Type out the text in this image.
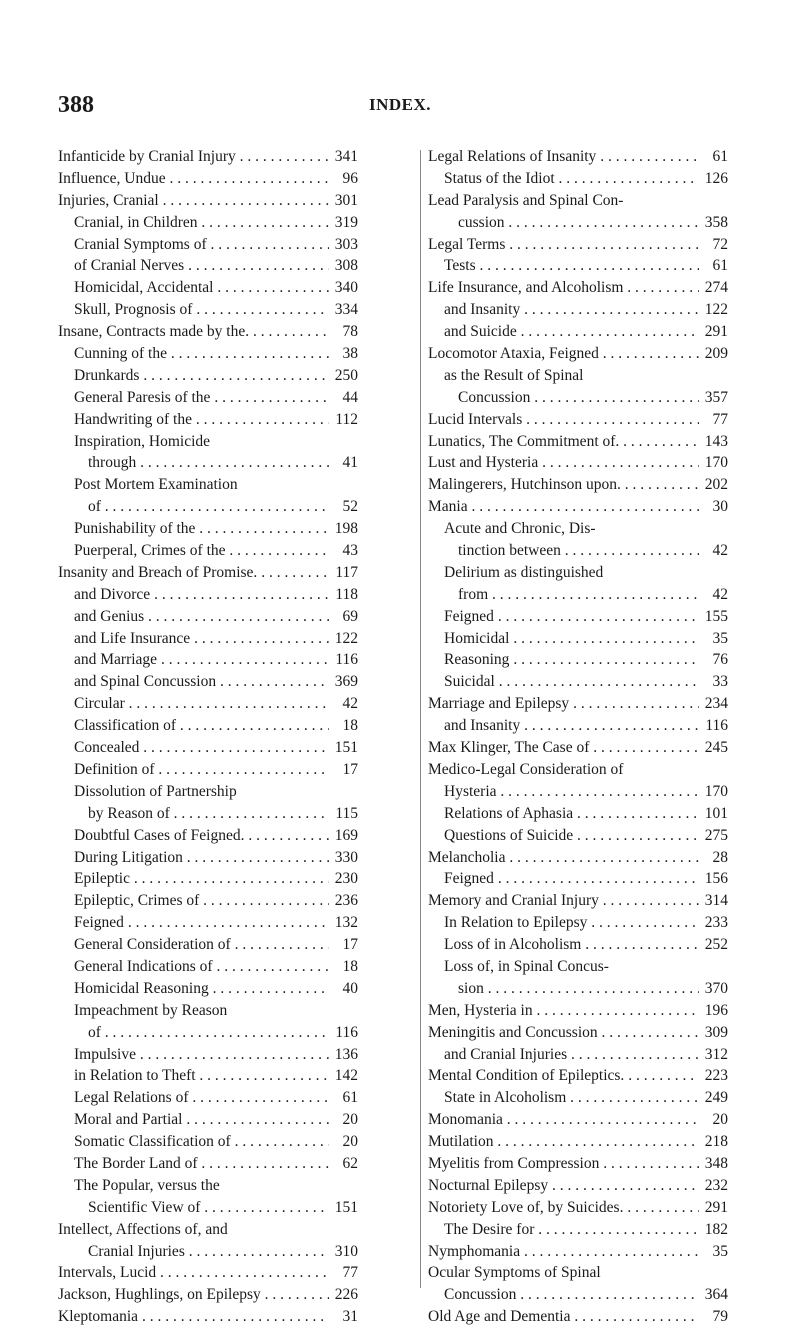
388	INDEX.
Infanticide by Cranial Injury . . .	341
Influence, Undue . . .	96
Injuries, Cranial . . .	301
Cranial, in Children . . .	319
Cranial Symptoms of . . .	303
of Cranial Nerves . . .	308
Homicidal, Accidental . . .	340
Skull, Prognosis of . . .	334
Insane, Contracts made by the. . . .	78
Cunning of the . . .	38
Drunkards . . .	250
General Paresis of the . . .	44
Handwriting of the . . .	112
Inspiration, Homicide
through . . .	41
Post Mortem Examination
of . . .	52
Punishability of the . . .	198
Puerperal, Crimes of the . . .	43
Insanity and Breach of Promise. . . .	117
and Divorce . . .	118
and Genius . . .	69
and Life Insurance . . .	122
and Marriage . . .	116
and Spinal Concussion . . .	369
Circular . . .	42
Classification of . . .	18
Concealed . . .	151
Definition of . . .	17
Dissolution of Partnership
by Reason of . . .	115
Doubtful Cases of Feigned. . . .	169
During Litigation . . .	330
Epileptic . . .	230
Epileptic, Crimes of . . .	236
Feigned . . .	132
General Consideration of . . .	17
General Indications of . . .	18
Homicidal Reasoning . . .	40
Impeachment by Reason
of . . .	116
Impulsive . . .	136
in Relation to Theft . . .	142
Legal Relations of . . .	61
Moral and Partial . . .	20
Somatic Classification of . . .	20
The Border Land of . . .	62
The Popular, versus the
Scientific View of . . .	151
Intellect, Affections of, and
Cranial Injuries . . .	310
Intervals, Lucid . . .	77
Jackson, Hughlings, on Epilepsy . . .	226
Kleptomania . . .	31
Legal Relations of Insanity . . .	61
Status of the Idiot . . .	126
Lead Paralysis and Spinal Con-
cussion . . .	358
Legal Terms . . .	72
Tests . . .	61
Life Insurance, and Alcoholism . . .	274
and Insanity . . .	122
and Suicide . . .	291
Locomotor Ataxia, Feigned . . .	209
as the Result of Spinal
Concussion . . .	357
Lucid Intervals . . .	77
Lunatics, The Commitment of. . . .	143
Lust and Hysteria . . .	170
Malingerers, Hutchinson upon. . . .	202
Mania . . .	30
Acute and Chronic, Dis-
tinction between . . .	42
Delirium as distinguished
from . . .	42
Feigned . . .	155
Homicidal . . .	35
Reasoning . . .	76
Suicidal . . .	33
Marriage and Epilepsy . . .	234
and Insanity . . .	116
Max Klinger, The Case of . . .	245
Medico-Legal Consideration of
Hysteria . . .	170
Relations of Aphasia . . .	101
Questions of Suicide . . .	275
Melancholia . . .	28
Feigned . . .	156
Memory and Cranial Injury . . .	314
In Relation to Epilepsy . . .	233
Loss of in Alcoholism . . .	252
Loss of, in Spinal Concus-
sion . . .	370
Men, Hysteria in . . .	196
Meningitis and Concussion . . .	309
and Cranial Injuries . . .	312
Mental Condition of Epileptics. . . .	223
State in Alcoholism . . .	249
Monomania . . .	20
Mutilation . . .	218
Myelitis from Compression . . .	348
Nocturnal Epilepsy . . .	232
Notoriety Love of, by Suicides. . . .	291
The Desire for . . .	182
Nymphomania . . .	35
Ocular Symptoms of Spinal
Concussion . . .	364
Old Age and Dementia . . .	79
